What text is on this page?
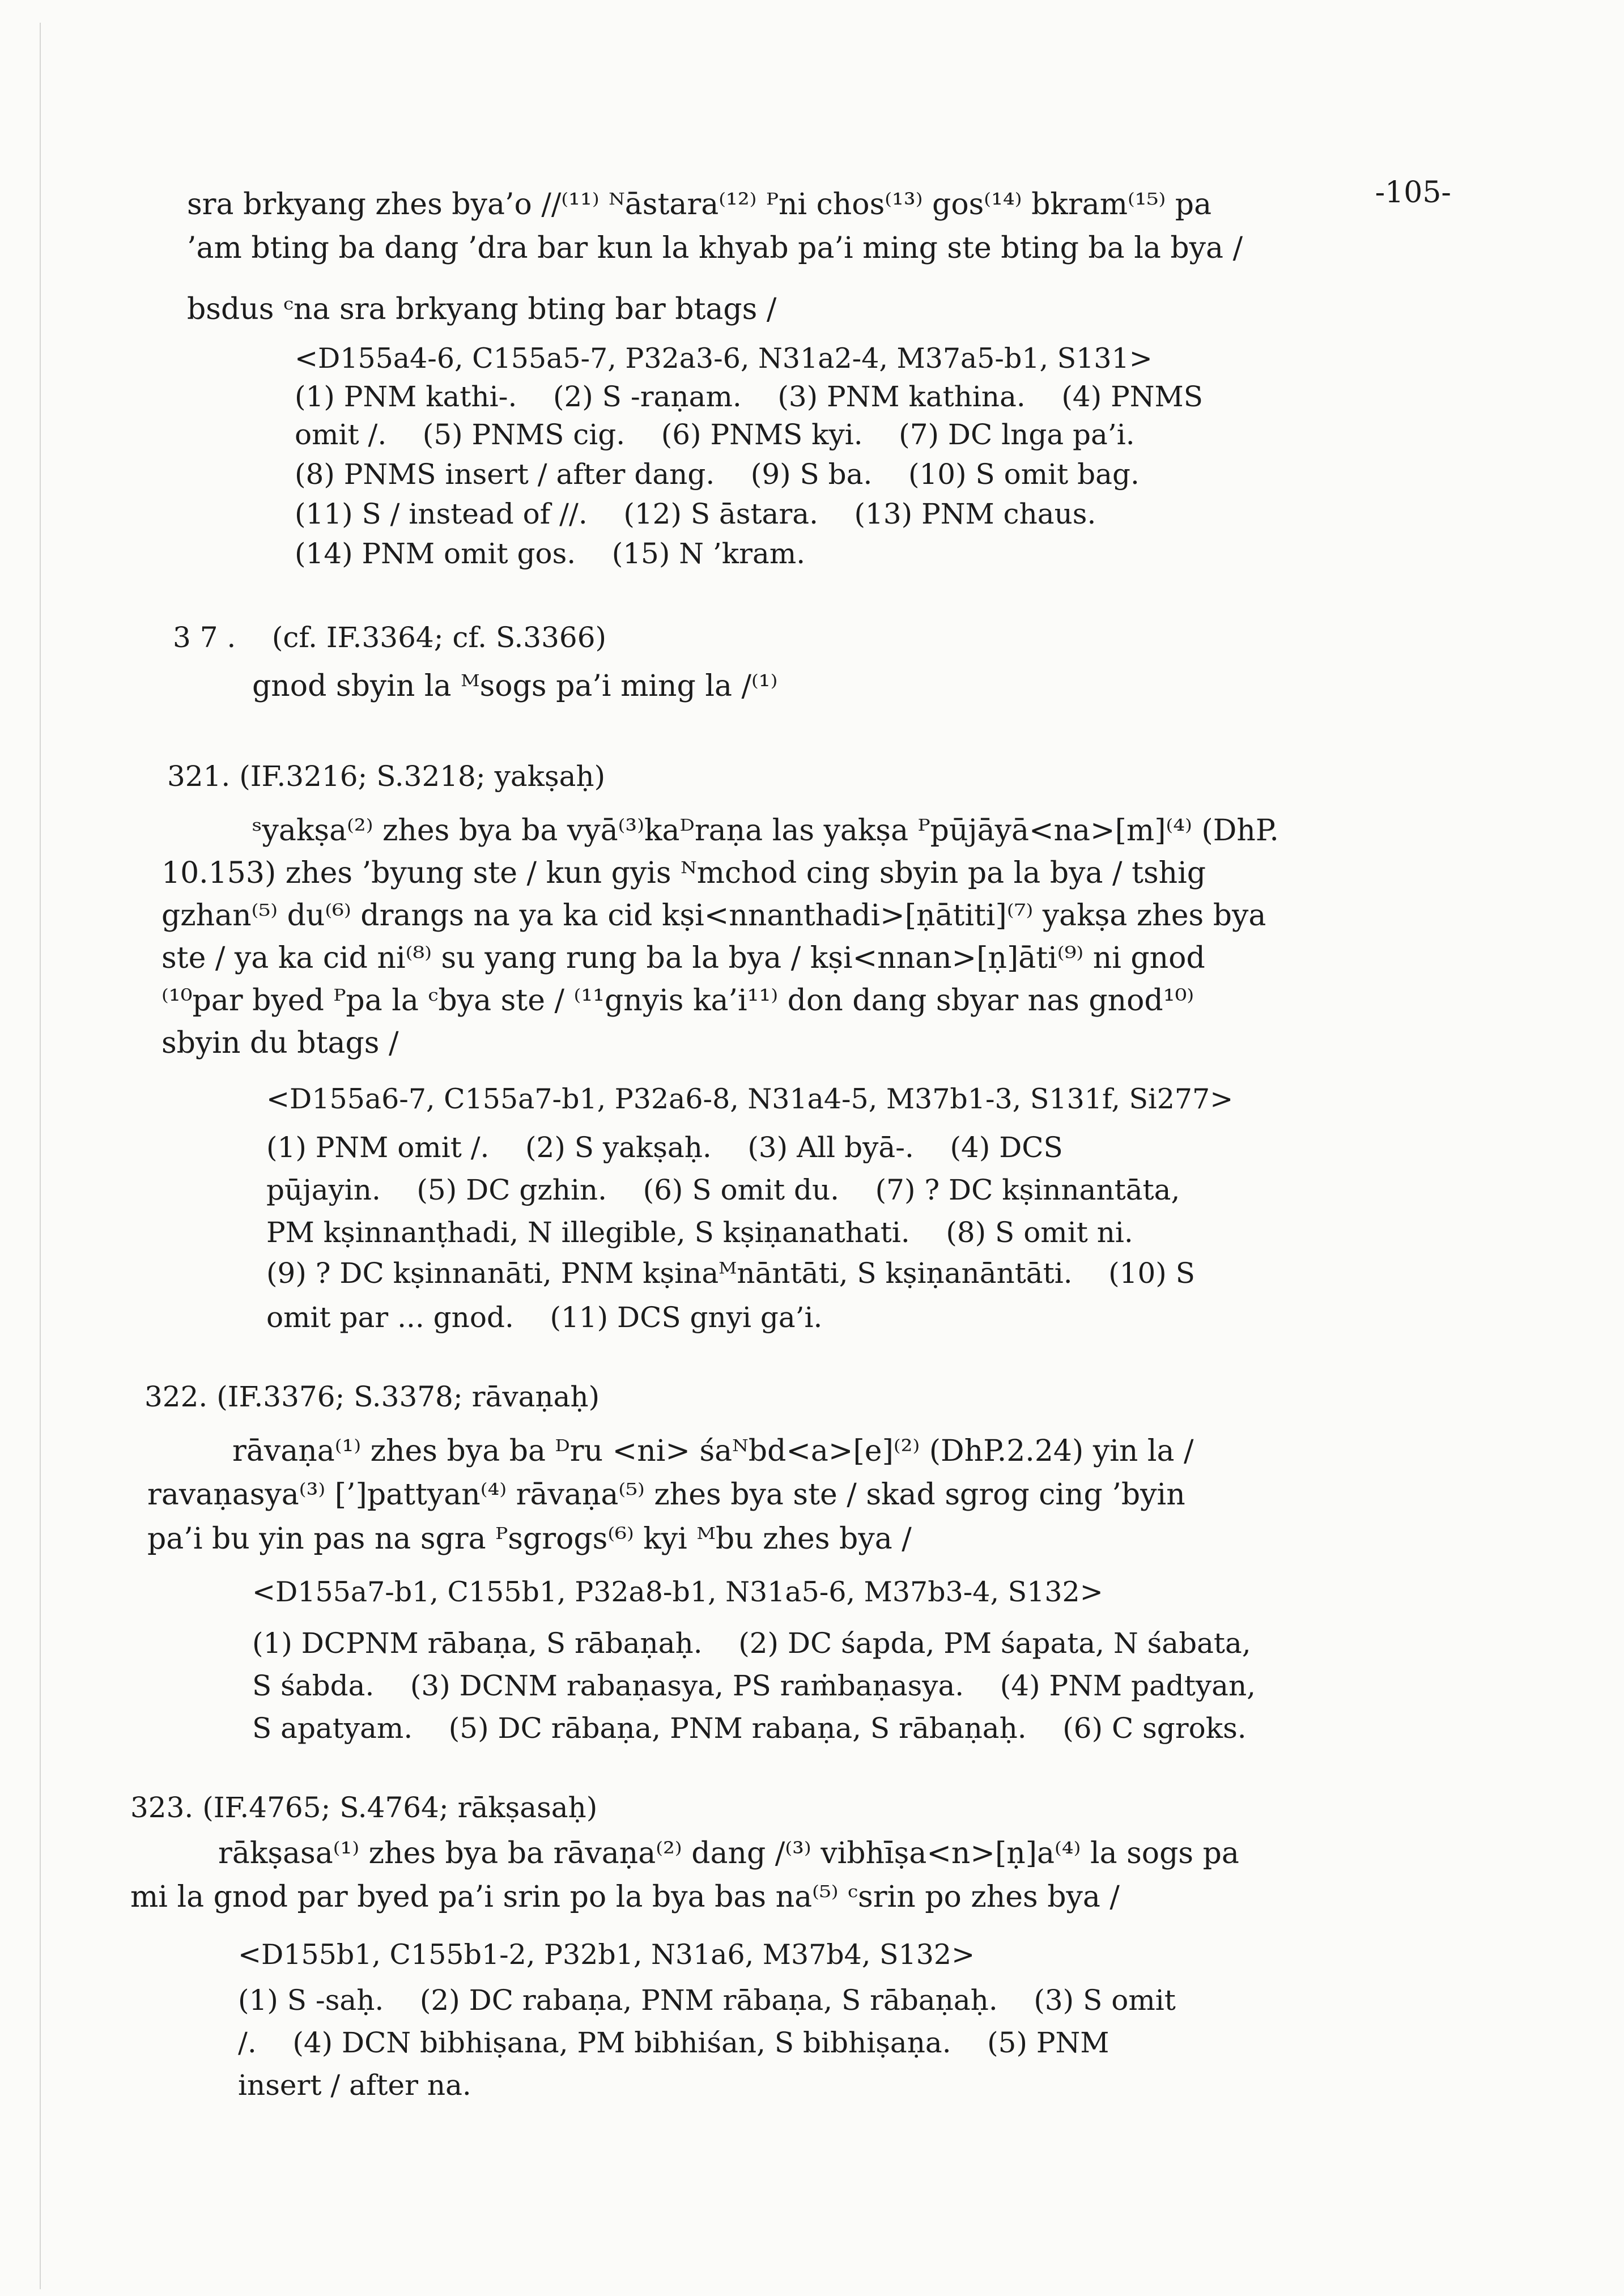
-105-
sra brkyang zhes bya’o //⁽¹¹⁾ ᴺāstara⁽¹²⁾ ᴾni chos⁽¹³⁾ gos⁽¹⁴⁾ bkram⁽¹⁵⁾ pa
’am bting ba dang ’dra bar kun la khyab pa’i ming ste bting ba la bya /
bsdus ᶜna sra brkyang bting bar btags /
<D155a4-6, C155a5-7, P32a3-6, N31a2-4, M37a5-b1, S131>
(1) PNM kathi-.    (2) S -raṇam.    (3) PNM kathina.    (4) PNMS
omit /.    (5) PNMS cig.    (6) PNMS kyi.    (7) DC lnga pa’i.
(8) PNMS insert / after dang.    (9) S ba.    (10) S omit bag.
(11) S / instead of //.    (12) S āstara.    (13) PNM chaus.
(14) PNM omit gos.    (15) N ’kram.
3 7 .    (cf. IF.3364; cf. S.3366)
gnod sbyin la ᴹsogs pa’i ming la /⁽¹⁾
321. (IF.3216; S.3218; yakṣaḥ)
ˢyakṣa⁽²⁾ zhes bya ba vyā⁽³⁾kaᴰraṇa las yakṣa ᴾpūjāyā<na>[m]⁽⁴⁾ (DhP.
10.153) zhes ’byung ste / kun gyis ᴺmchod cing sbyin pa la bya / tshig
gzhan⁽⁵⁾ du⁽⁶⁾ drangs na ya ka cid kṣi<nnanthadi>[ṇātiti]⁽⁷⁾ yakṣa zhes bya
ste / ya ka cid ni⁽⁸⁾ su yang rung ba la bya / kṣi<nnan>[ṇ]āti⁽⁹⁾ ni gnod
⁽¹⁰par byed ᴾpa la ᶜbya ste / ⁽¹¹gnyis ka’i¹¹⁾ don dang sbyar nas gnod¹⁰⁾
sbyin du btags /
<D155a6-7, C155a7-b1, P32a6-8, N31a4-5, M37b1-3, S131f, Si277>
(1) PNM omit /.    (2) S yakṣaḥ.    (3) All byā-.    (4) DCS
pūjayin.    (5) DC gzhin.    (6) S omit du.    (7) ? DC kṣinnantāta,
PM kṣinnanṭhadi, N illegible, S kṣiṇanathati.    (8) S omit ni.
(9) ? DC kṣinnanāti, PNM kṣinaᴹnāntāti, S kṣiṇanāntāti.    (10) S
omit par ... gnod.    (11) DCS gnyi ga’i.
322. (IF.3376; S.3378; rāvaṇaḥ)
rāvaṇa⁽¹⁾ zhes bya ba ᴰru <ni> śaᴺbd<a>[e]⁽²⁾ (DhP.2.24) yin la /
ravaṇasya⁽³⁾ [’]pattyan⁽⁴⁾ rāvaṇa⁽⁵⁾ zhes bya ste / skad sgrog cing ’byin
pa’i bu yin pas na sgra ᴾsgrogs⁽⁶⁾ kyi ᴹbu zhes bya /
<D155a7-b1, C155b1, P32a8-b1, N31a5-6, M37b3-4, S132>
(1) DCPNM rābaṇa, S rābaṇaḥ.    (2) DC śapda, PM śapata, N śabata,
S śabda.    (3) DCNM rabaṇasya, PS raṁbaṇasya.    (4) PNM padtyan,
S apatyam.    (5) DC rābaṇa, PNM rabaṇa, S rābaṇaḥ.    (6) C sgroks.
323. (IF.4765; S.4764; rākṣasaḥ)
rākṣasa⁽¹⁾ zhes bya ba rāvaṇa⁽²⁾ dang /⁽³⁾ vibhīṣa<n>[ṇ]a⁽⁴⁾ la sogs pa
mi la gnod par byed pa’i srin po la bya bas na⁽⁵⁾ ᶜsrin po zhes bya /
<D155b1, C155b1-2, P32b1, N31a6, M37b4, S132>
(1) S -saḥ.    (2) DC rabaṇa, PNM rābaṇa, S rābaṇaḥ.    (3) S omit
/.    (4) DCN bibhiṣana, PM bibhiśan, S bibhiṣaṇa.    (5) PNM
insert / after na.
